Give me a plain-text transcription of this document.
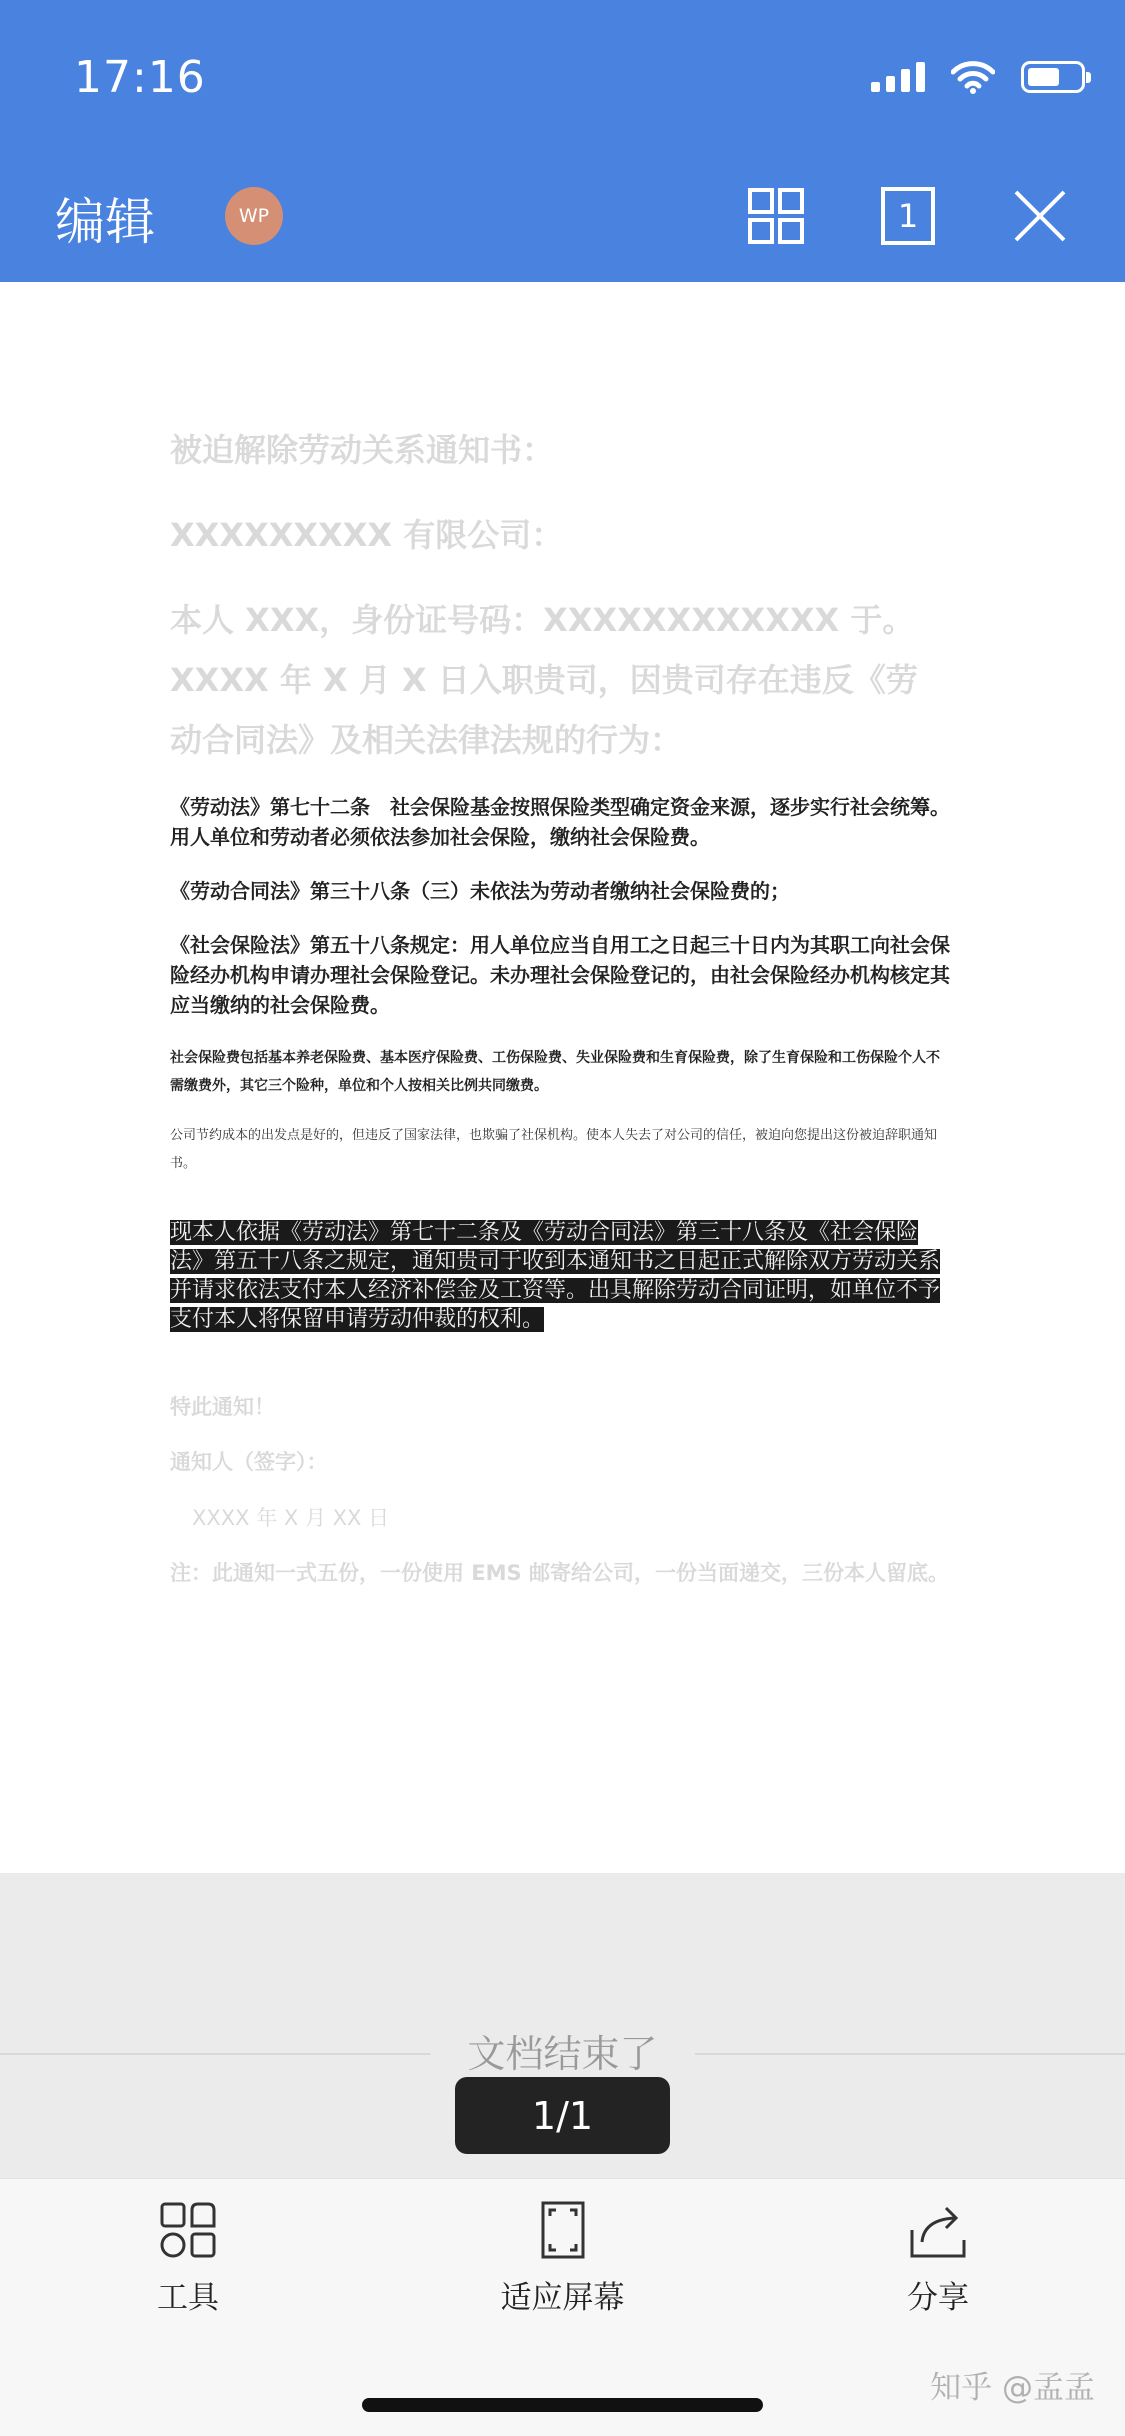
17:16
编辑	WP	1
被迫解除劳动关系通知书：
XXXXXXXXX 有限公司：
本人 XXX，身份证号码：XXXXXXXXXXXX 于。
XXXX 年 X 月 X 日入职贵司，因贵司存在违反《劳
动合同法》及相关法律法规的行为：
《劳动法》第七十二条　社会保险基金按照保险类型确定资金来源，逐步实行社会统筹。用人单位和劳动者必须依法参加社会保险，缴纳社会保险费。
《劳动合同法》第三十八条（三）未依法为劳动者缴纳社会保险费的；
《社会保险法》第五十八条规定：用人单位应当自用工之日起三十日内为其职工向社会保险经办机构申请办理社会保险登记。未办理社会保险登记的，由社会保险经办机构核定其应当缴纳的社会保险费。
社会保险费包括基本养老保险费、基本医疗保险费、工伤保险费、失业保险费和生育保险费，除了生育保险和工伤保险个人不需缴费外，其它三个险种，单位和个人按相关比例共同缴费。
公司节约成本的出发点是好的，但违反了国家法律，也欺骗了社保机构。使本人失去了对公司的信任，被迫向您提出这份被迫辞职通知书。
现本人依据《劳动法》第七十二条及《劳动合同法》第三十八条及《社会保险法》第五十八条之规定，通知贵司于收到本通知书之日起正式解除双方劳动关系并请求依法支付本人经济补偿金及工资等。出具解除劳动合同证明，如单位不予支付本人将保留申请劳动仲裁的权利。
特此通知！
通知人（签字）：
XXXX 年 X 月 XX 日
注：此通知一式五份，一份使用 EMS 邮寄给公司，一份当面递交，三份本人留底。
文档结束了
1/1
工具	适应屏幕	分享
知乎 @孟孟
